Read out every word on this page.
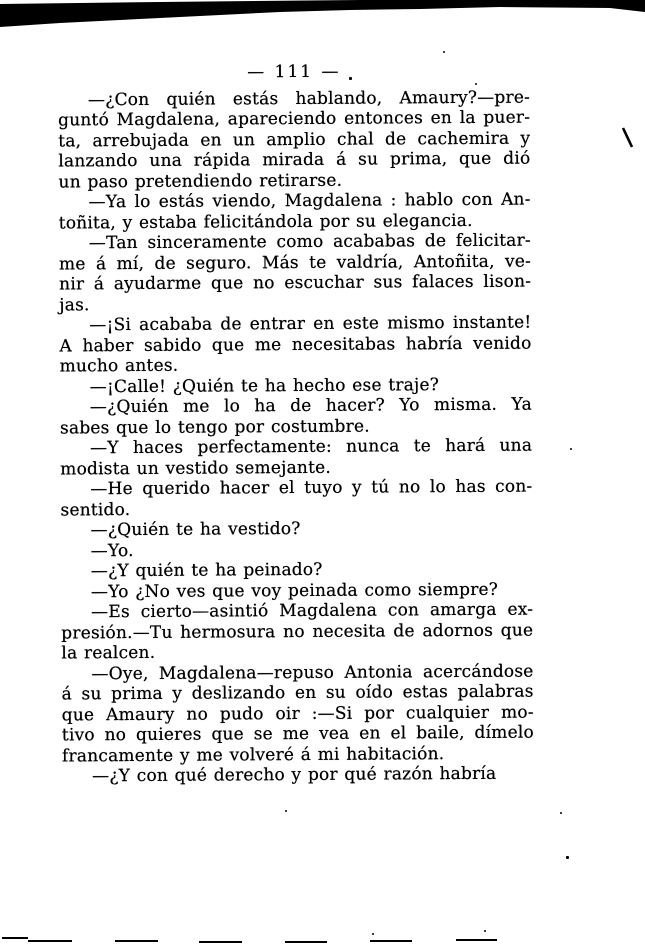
— 111 —
—¿Con quién estás hablando, Amaury?—pre-
guntó Magdalena, apareciendo entonces en la puer-
ta, arrebujada en un amplio chal de cachemira y
lanzando una rápida mirada á su prima, que dió
un paso pretendiendo retirarse.
—Ya lo estás viendo, Magdalena : hablo con An-
toñita, y estaba felicitándola por su elegancia.
—Tan sinceramente como acababas de felicitar-
me á mí, de seguro. Más te valdría, Antoñita, ve-
nir á ayudarme que no escuchar sus falaces lison-
jas.
—¡Si acababa de entrar en este mismo instante!
A haber sabido que me necesitabas habría venido
mucho antes.
—¡Calle! ¿Quién te ha hecho ese traje?
—¿Quién me lo ha de hacer? Yo misma. Ya
sabes que lo tengo por costumbre.
—Y haces perfectamente: nunca te hará una
modista un vestido semejante.
—He querido hacer el tuyo y tú no lo has con-
sentido.
—¿Quién te ha vestido?
—Yo.
—¿Y quién te ha peinado?
—Yo ¿No ves que voy peinada como siempre?
—Es cierto—asintió Magdalena con amarga ex-
presión.—Tu hermosura no necesita de adornos que
la realcen.
—Oye, Magdalena—repuso Antonia acercándose
á su prima y deslizando en su oído estas palabras
que Amaury no pudo oir :—Si por cualquier mo-
tivo no quieres que se me vea en el baile, dímelo
francamente y me volveré á mi habitación.
—¿Y con qué derecho y por qué razón habría
